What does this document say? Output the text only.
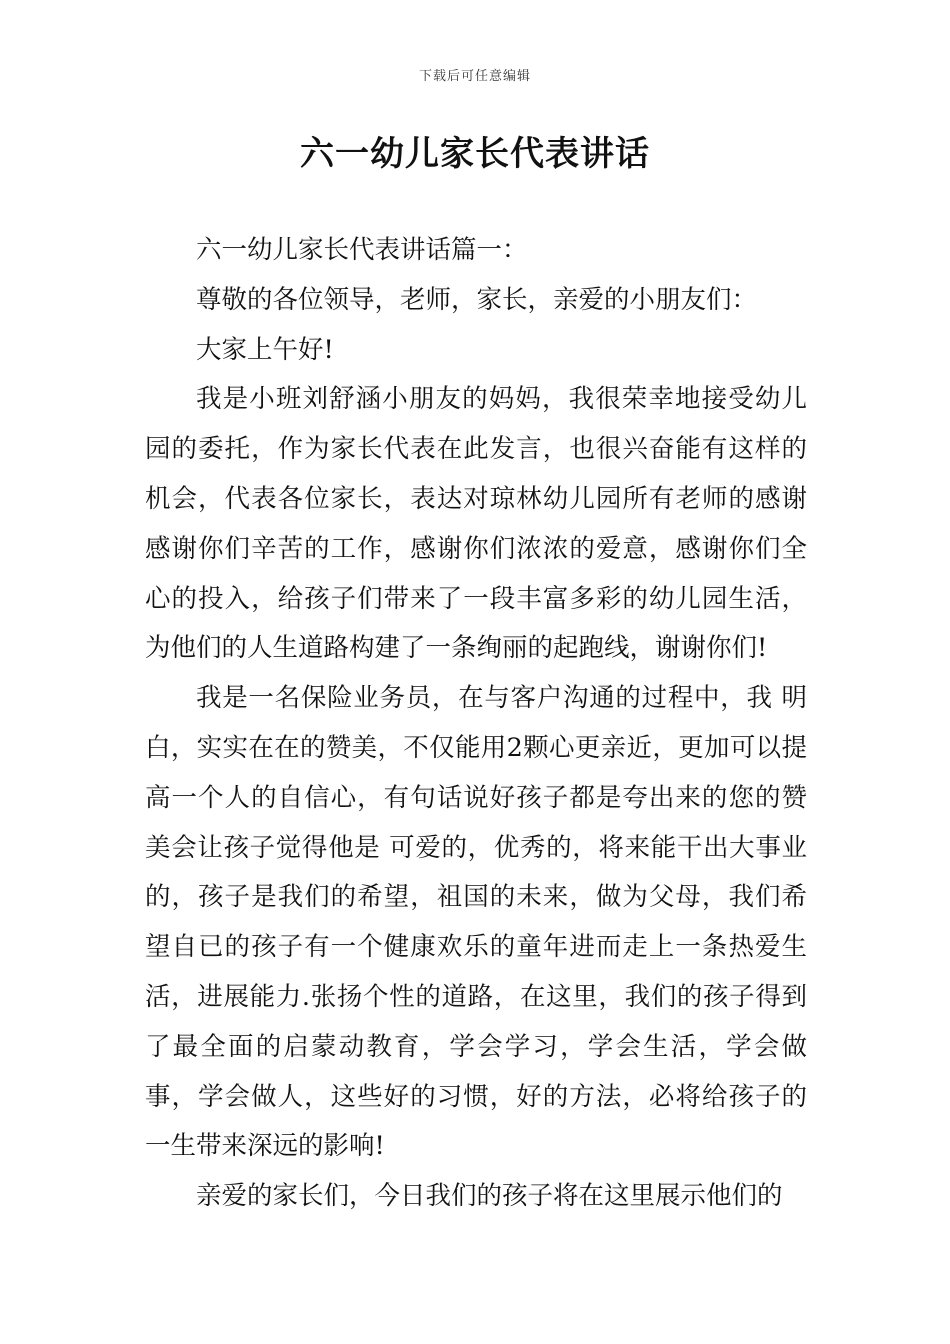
下载后可任意编辑
六一幼儿家长代表讲话

六一幼儿家长代表讲话篇一：

尊敬的各位领导，老师，家长，亲爱的小朋友们：

大家上午好!

我是小班刘舒涵小朋友的妈妈，我很荣幸地接受幼儿园的委托，作为家长代表在此发言，也很兴奋能有这样的机会，代表各位家长，表达对琼林幼儿园所有老师的感谢感谢你们辛苦的工作，感谢你们浓浓的爱意，感谢你们全心的投入，给孩子们带来了一段丰富多彩的幼儿园生活，为他们的人生道路构建了一条绚丽的起跑线，谢谢你们!

我是一名保险业务员，在与客户沟通的过程中，我 明白，实实在在的赞美，不仅能用2颗心更亲近，更加可以提高一个人的自信心，有句话说好孩子都是夸出来的您的赞美会让孩子觉得他是 可爱的，优秀的，将来能干出大事业的，孩子是我们的希望，祖国的未来，做为父母，我们希望自已的孩子有一个健康欢乐的童年进而走上一条热爱生活，进展能力.张扬个性的道路，在这里，我们的孩子得到了最全面的启蒙动教育，学会学习，学会生活，学会做事，学会做人，这些好的习惯，好的方法，必将给孩子的一生带来深远的影响!

亲爱的家长们，今日我们的孩子将在这里展示他们的
